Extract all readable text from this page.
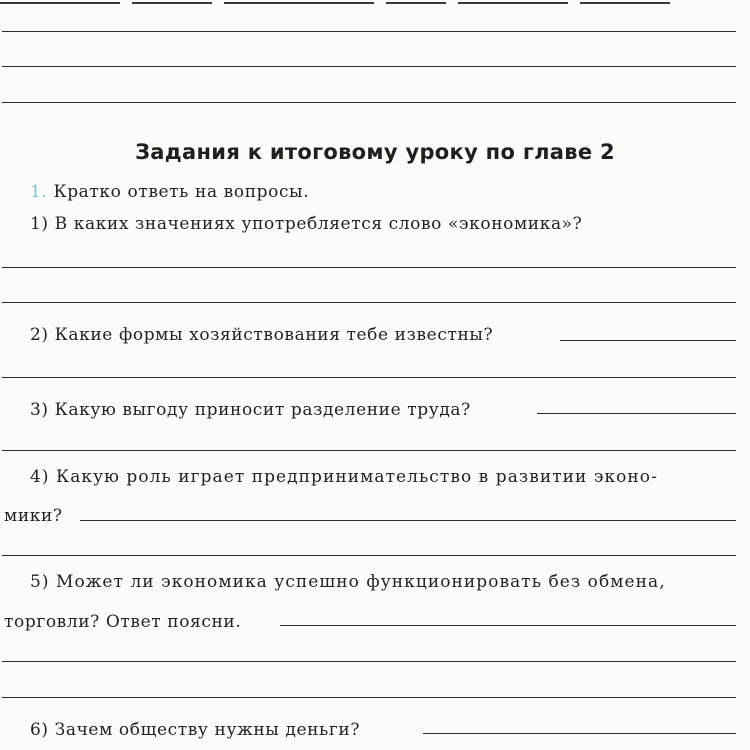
Задания к итоговому уроку по главе 2
1. Кратко ответь на вопросы.
1) В каких значениях употребляется слово «экономика»?
2) Какие формы хозяйствования тебе известны?
3) Какую выгоду приносит разделение труда?
4) Какую роль играет предпринимательство в развитии эконо-
мики?
5) Может ли экономика успешно функционировать без обмена,
торговли? Ответ поясни.
6) Зачем обществу нужны деньги?
